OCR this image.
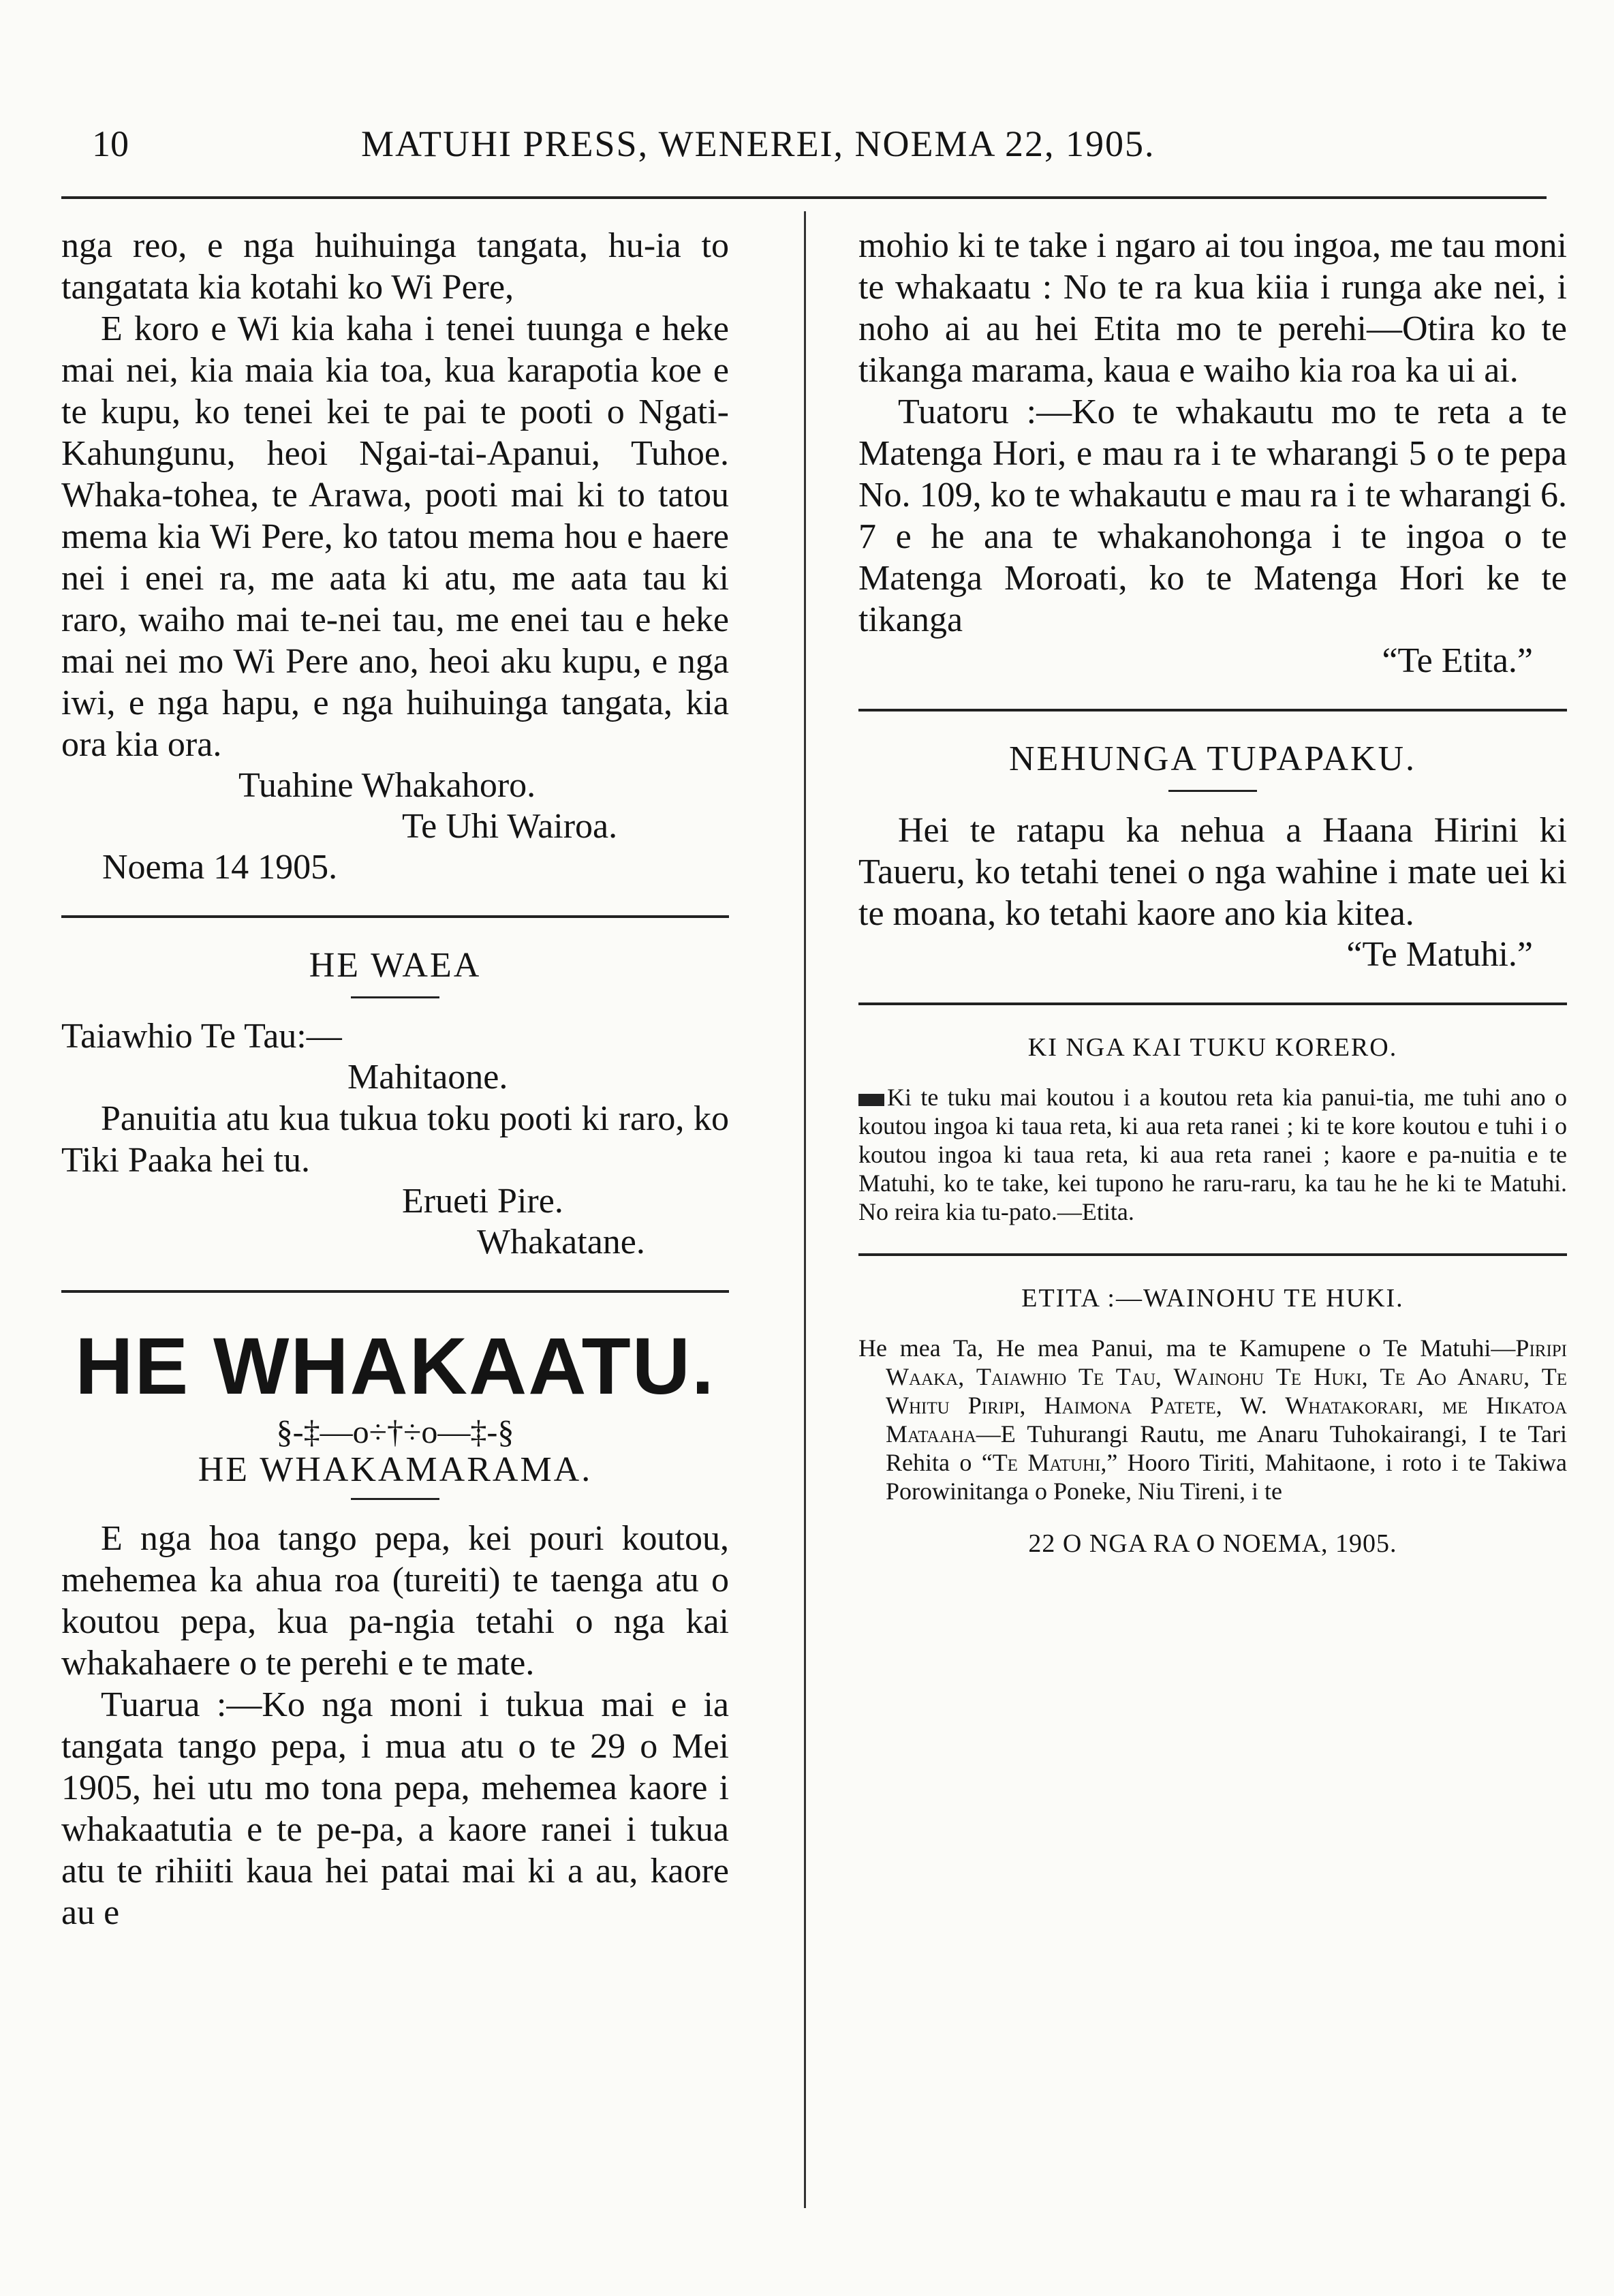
10	MATUHI PRESS, WENEREI, NOEMA 22, 1905.

nga reo, e nga huihuinga tangata, hu-ia to tangatata kia kotahi ko Wi Pere,

E koro e Wi kia kaha i tenei tuunga e heke mai nei, kia maia kia toa, kua karapotia koe e te kupu, ko tenei kei te pai te pooti o Ngati-Kahungunu, heoi Ngai-tai-Apanui, Tuhoe. Whaka-tohea, te Arawa, pooti mai ki to tatou mema kia Wi Pere, ko tatou mema hou e haere nei i enei ra, me aata ki atu, me aata tau ki raro, waiho mai te-nei tau, me enei tau e heke mai nei mo Wi Pere ano, heoi aku kupu, e nga iwi, e nga hapu, e nga huihuinga tangata, kia ora kia ora.

Tuahine Whakahoro.

Te Uhi Wairoa.

Noema 14 1905.

HE WAEA

Taiawhio Te Tau:—

Mahitaone.

Panuitia atu kua tukua toku pooti ki raro, ko Tiki Paaka hei tu.

Erueti Pire.

Whakatane.

HE WHAKAATU.

§-‡—o÷†÷o—‡-§

HE WHAKAMARAMA.

E nga hoa tango pepa, kei pouri koutou, mehemea ka ahua roa (tureiti) te taenga atu o koutou pepa, kua pa-ngia tetahi o nga kai whakahaere o te perehi e te mate.

Tuarua :—Ko nga moni i tukua mai e ia tangata tango pepa, i mua atu o te 29 o Mei 1905, hei utu mo tona pepa, mehemea kaore i whakaatutia e te pe-pa, a kaore ranei i tukua atu te rihiiti kaua hei patai mai ki a au, kaore au e

mohio ki te take i ngaro ai tou ingoa, me tau moni te whakaatu : No te ra kua kiia i runga ake nei, i noho ai au hei Etita mo te perehi—Otira ko te tikanga marama, kaua e waiho kia roa ka ui ai.

Tuatoru :—Ko te whakautu mo te reta a te Matenga Hori, e mau ra i te wharangi 5 o te pepa No. 109, ko te whakautu e mau ra i te wharangi 6. 7 e he ana te whakanohonga i te ingoa o te Matenga Moroati, ko te Matenga Hori ke te tikanga

“Te Etita.”

NEHUNGA TUPAPAKU.

Hei te ratapu ka nehua a Haana Hirini ki Taueru, ko tetahi tenei o nga wahine i mate uei ki te moana, ko tetahi kaore ano kia kitea.

“Te Matuhi.”

KI NGA KAI TUKU KORERO.

Ki te tuku mai koutou i a koutou reta kia panui-tia, me tuhi ano o koutou ingoa ki taua reta, ki aua reta ranei ; ki te kore koutou e tuhi i o koutou ingoa ki taua reta, ki aua reta ranei ; kaore e pa-nuitia e te Matuhi, ko te take, kei tupono he raru-raru, ka tau he he ki te Matuhi. No reira kia tu-pato.—Etita.

ETITA :—WAINOHU TE HUKI.

He mea Ta, He mea Panui, ma te Kamupene o Te Matuhi—Piripi Waaka, Taiawhio Te Tau, Wainohu Te Huki, Te Ao Anaru, Te Whitu Piripi, Haimona Patete, W. Whatakorari, me Hikatoa Mataaha—E Tuhurangi Rautu, me Anaru Tuhokairangi, I te Tari Rehita o “Te Matuhi,” Hooro Tiriti, Mahitaone, i roto i te Takiwa Porowinitanga o Poneke, Niu Tireni, i te

22 O NGA RA O NOEMA, 1905.
